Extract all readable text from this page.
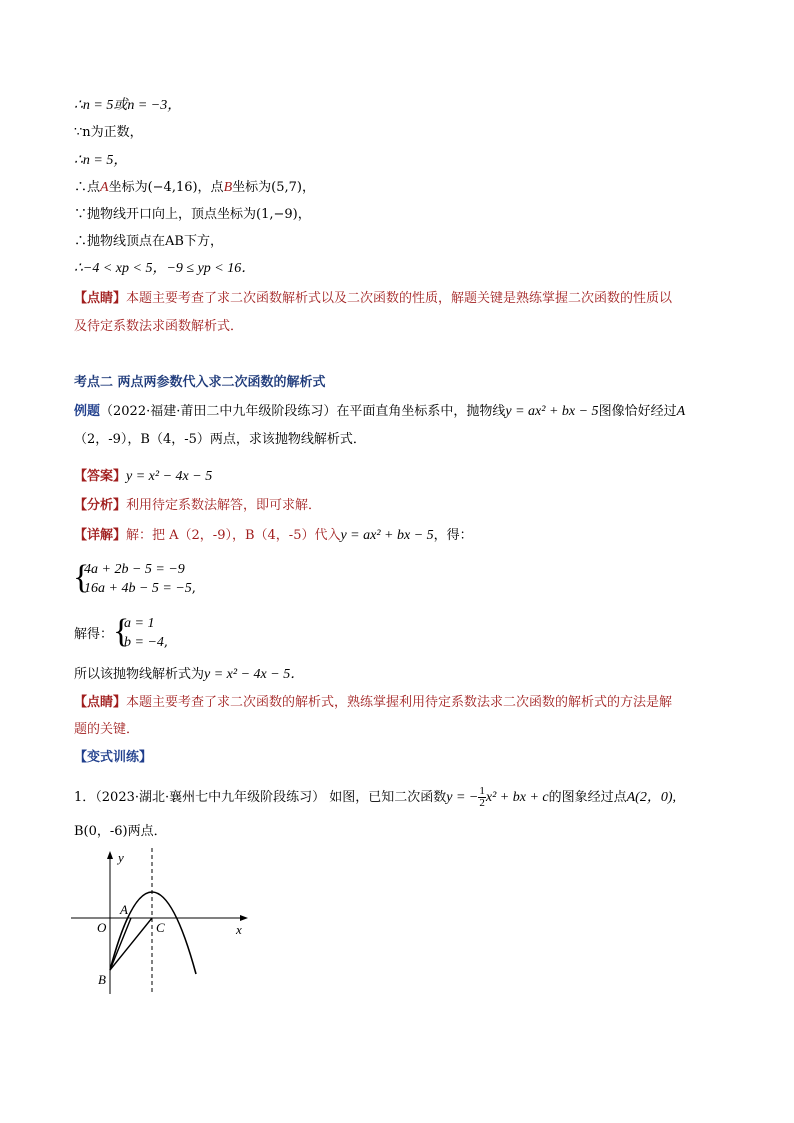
∴n = 5或n = −3，
∵n为正数，
∴n = 5，
∴点A坐标为(−4,16)，点B坐标为(5,7)，
∵抛物线开口向上，顶点坐标为(1,−9)，
∴抛物线顶点在AB下方，
∴−4 < xp < 5，−9 ≤ yp < 16．
【点睛】本题主要考查了求二次函数解析式以及二次函数的性质，解题关键是熟练掌握二次函数的性质以
及待定系数法求函数解析式．
考点二 两点两参数代入求二次函数的解析式
例题（2022·福建·莆田二中九年级阶段练习）在平面直角坐标系中，抛物线y = ax² + bx − 5图像恰好经过A
（2，-9），B（4，-5）两点，求该抛物线解析式．
【答案】y = x² − 4x − 5
【分析】利用待定系数法解答，即可求解．
【详解】解：把 A（2，-9），B（4，-5）代入y = ax² + bx − 5，得：
{
4a + 2b − 5 = −9
16a + 4b − 5 = −5,
解得： {
a = 1
b = −4,
所以该抛物线解析式为y = x² − 4x − 5．
【点睛】本题主要考查了求二次函数的解析式，熟练掌握利用待定系数法求二次函数的解析式的方法是解
题的关键．
【变式训练】
1．（2023·湖北·襄州七中九年级阶段练习） 如图，已知二次函数y = − $\frac{1}{2} x^2$ + bx + c的图象经过点A(2，0),
B(0，-6)两点．
y
x
O
A
B
C
